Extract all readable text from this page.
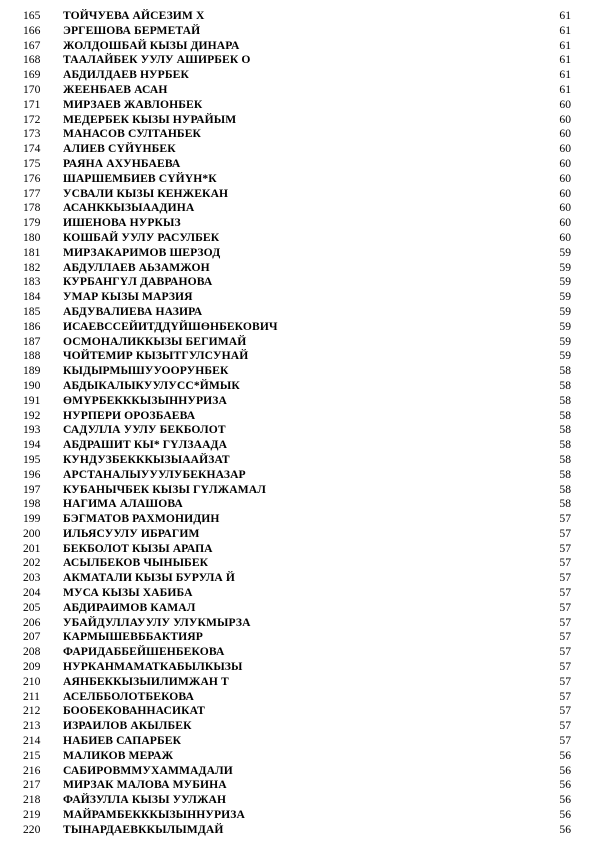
165	ТОЙЧУЕВА АЙСЕЗИМ Х	61
166	ЭРГЕШОВА БЕРМЕТАЙ	61
167	ЖОЛДОШБАЙ КЫЗЫ ДИНАРА	61
168	ТААЛАЙБЕК УУЛУ АШИРБЕК О	61
169	АБДИЛДАЕВ НУРБЕК	61
170	ЖЕЕНБАЕВ АСАН	61
171	МИРЗАЕВ ЖАВЛОНБЕК	60
172	МЕДЕРБЕК КЫЗЫ НУРАЙЫМ	60
173	МАНАСОВ СУЛТАНБЕК	60
174	АЛИЕВ СҮЙҮНБЕК	60
175	РАЯНА АХУНБАЕВА	60
176	ШАРШЕМБИЕВ СҮЙҮН*К	60
177	УСВАЛИ КЫЗЫ КЕНЖЕКАН	60
178	АСАНККЫЗЫААДИНА	60
179	ИШЕНОВА НУРКЫЗ	60
180	КОШБАЙ УУЛУ РАСУЛБЕК	60
181	МИРЗАКАРИМОВ ШЕРЗОД	59
182	АБДУЛЛАЕВ АЬЗАМЖОН	59
183	КУРБАНГҮЛ ДАВРАНОВА	59
184	УМАР КЫЗЫ МАРЗИЯ	59
185	АБДУВАЛИЕВА НАЗИРА	59
186	ИСАЕВССЕЙИТДДҮЙШӨНБЕКОВИЧ	59
187	ОСМОНАЛИККЫЗЫ БЕГИМАЙ	59
188	ЧОЙТЕМИР КЫЗЫТГУЛСУНАЙ	59
189	КЫДЫРМЫШУУООРУНБЕК	58
190	АБДЫКАЛЫКУУЛУСС*ЙМЫК	58
191	ӨМҮРБЕКККЫЗЫННУРИЗА	58
192	НУРПЕРИ ОРОЗБАЕВА	58
193	САДУЛЛА УУЛУ БЕКБОЛОТ	58
194	АБДРАШИТ КЫ* ГҮЛЗААДА	58
195	КУНДУЗБЕКККЫЗЫААЙЗАТ	58
196	АРСТАНАЛЫУУУЛУБЕКНАЗАР	58
197	КУБАНЫЧБЕК КЫЗЫ ГҮЛЖАМАЛ	58
198	НАГИМА АЛАШОВА	58
199	БЭГМАТОВ РАХМОНИДИН	57
200	ИЛЬЯСУУЛУ ИБРАГИМ	57
201	БЕКБОЛОТ КЫЗЫ АРАПА	57
202	АСЫЛБЕКОВ ЧЫНЫБЕК	57
203	АКМАТАЛИ КЫЗЫ БУРУЛА Й	57
204	МУСА КЫЗЫ ХАБИБА	57
205	АБДИРАИМОВ КАМАЛ	57
206	УБАЙДУЛЛАУУЛУ УЛУКМЫРЗА	57
207	КАРМЫШЕВББАКТИЯР	57
208	ФАРИДАББЕЙШЕНБЕКОВА	57
209	НУРКАНМАМАТКАБЫЛКЫЗЫ	57
210	АЯНБЕККЫЗЫИЛИМЖАН Т	57
211	АСЕЛББОЛОТБЕКОВА	57
212	БООБЕКОВАННАСИКАТ	57
213	ИЗРАИЛОВ АКЫЛБЕК	57
214	НАБИЕВ САПАРБЕК	57
215	МАЛИКОВ МЕРАЖ	56
216	САБИРОВММУХАММАДАЛИ	56
217	МИРЗАК МАЛОВА МУБИНА	56
218	ФАЙЗУЛЛА КЫЗЫ УУЛЖАН	56
219	МАЙРАМБЕКККЫЗЫННУРИЗА	56
220	ТЫНАРДАЕВККЫЛЫМДАЙ	56
